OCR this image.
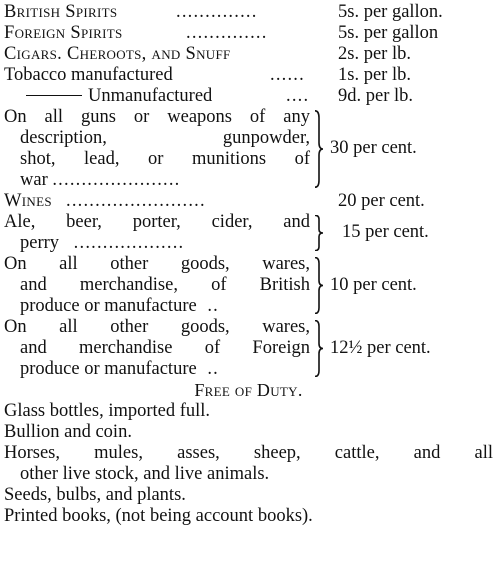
British Spirits	..............	5s. per gallon.
Foreign Spirits	..............	5s. per gallon
Cigars. Cheroots, and Snuff	2s. per lb.
Tobacco manufactured	...... 1s. per lb.
Unmanufactured	.... 9d. per lb.
On all guns or weapons of any
description, gunpowder,
shot, lead, or munitions of
war ......................
30 per cent.
Wines ........................	20 per cent.
Ale, beer, porter, cider, and
perry ...................
15 per cent.
On all other goods, wares,
and merchandise, of British
produce or manufacture ..
10 per cent.
On all other goods, wares,
and merchandise of Foreign
produce or manufacture ..
12½ per cent.
Free of Duty.
Glass bottles, imported full.
Bullion and coin.
Horses, mules, asses, sheep, cattle, and all
other live stock, and live animals.
Seeds, bulbs, and plants.
Printed books, (not being account books).
